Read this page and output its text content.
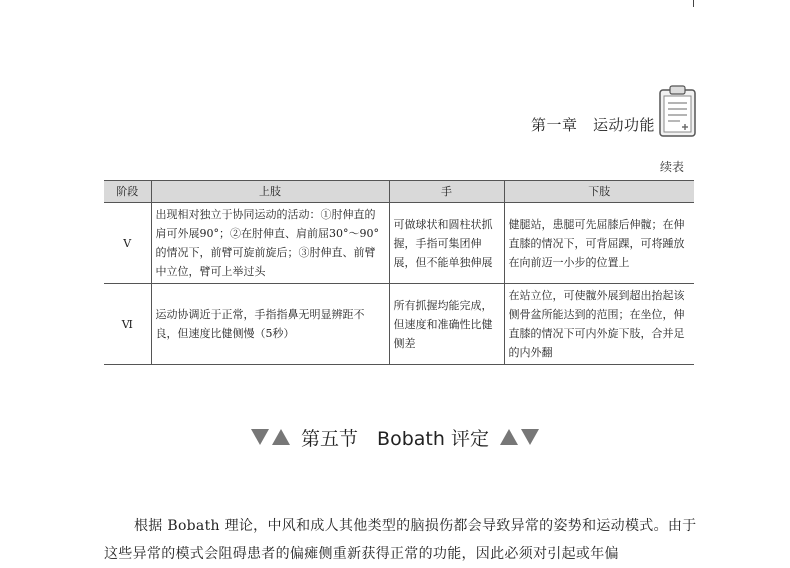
第一章　运动功能
续表
阶段	上肢	手	下肢
Ⅴ	出现相对独立于协同运动的活动：①肘伸直的肩可外展90°；②在肘伸直、肩前屈30°～90°的情况下，前臂可旋前旋后；③肘伸直、前臂中立位，臂可上举过头	可做球状和圆柱状抓握，手指可集团伸展，但不能单独伸展	健腿站，患腿可先屈膝后伸髋；在伸直膝的情况下，可背屈踝，可将踵放在向前迈一小步的位置上
Ⅵ	运动协调近于正常，手指指鼻无明显辨距不良，但速度比健侧慢（5秒）	所有抓握均能完成，但速度和准确性比健侧差	在站立位，可使髋外展到超出抬起该侧骨盆所能达到的范围；在坐位，伸直膝的情况下可内外旋下肢，合并足的内外翻
第五节　Bobath 评定

根据 Bobath 理论，中风和成人其他类型的脑损伤都会导致异常的姿势和运动模式。由于这些异常的模式会阻碍患者的偏瘫侧重新获得正常的功能，因此必须对引起或年偏
